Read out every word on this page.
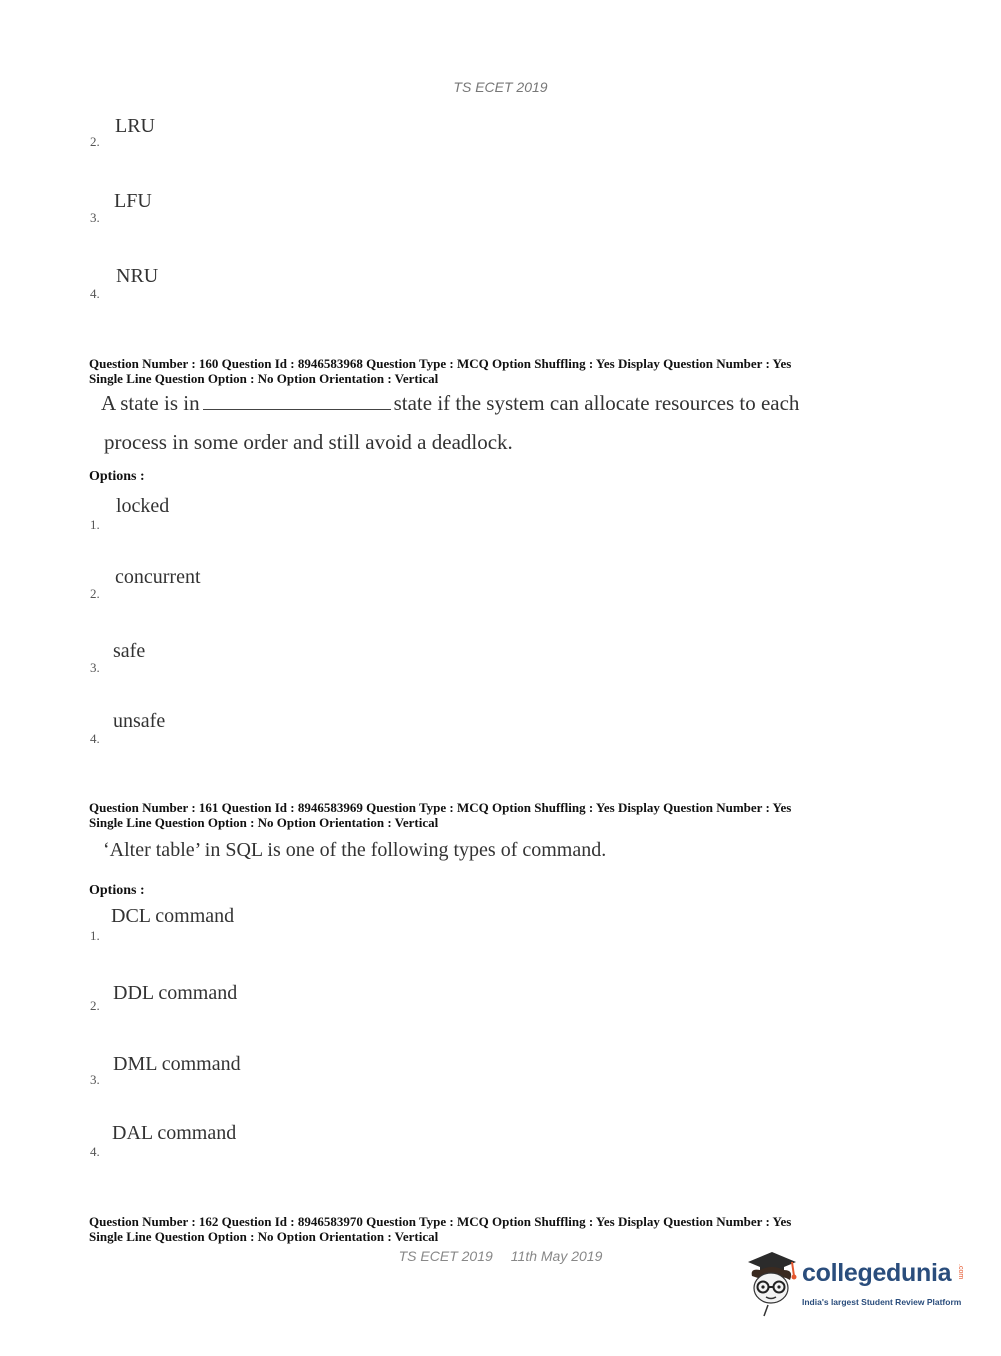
TS ECET 2019
LRU
2.
LFU
3.
NRU
4.
Question Number : 160 Question Id : 8946583968 Question Type : MCQ Option Shuffling : Yes Display Question Number : Yes
Single Line Question Option : No Option Orientation : Vertical
A state is in	state if the system can allocate resources to each
process in some order and still avoid a deadlock.
Options :
locked
1.
concurrent
2.
safe
3.
unsafe
4.
Question Number : 161 Question Id : 8946583969 Question Type : MCQ Option Shuffling : Yes Display Question Number : Yes
Single Line Question Option : No Option Orientation : Vertical
‘Alter table’ in SQL is one of the following types of command.
Options :
DCL command
1.
DDL command
2.
DML command
3.
DAL command
4.
Question Number : 162 Question Id : 8946583970 Question Type : MCQ Option Shuffling : Yes Display Question Number : Yes
Single Line Question Option : No Option Orientation : Vertical
TS ECET 2019 11th May 2019
collegedunia .com
India's largest Student Review Platform
